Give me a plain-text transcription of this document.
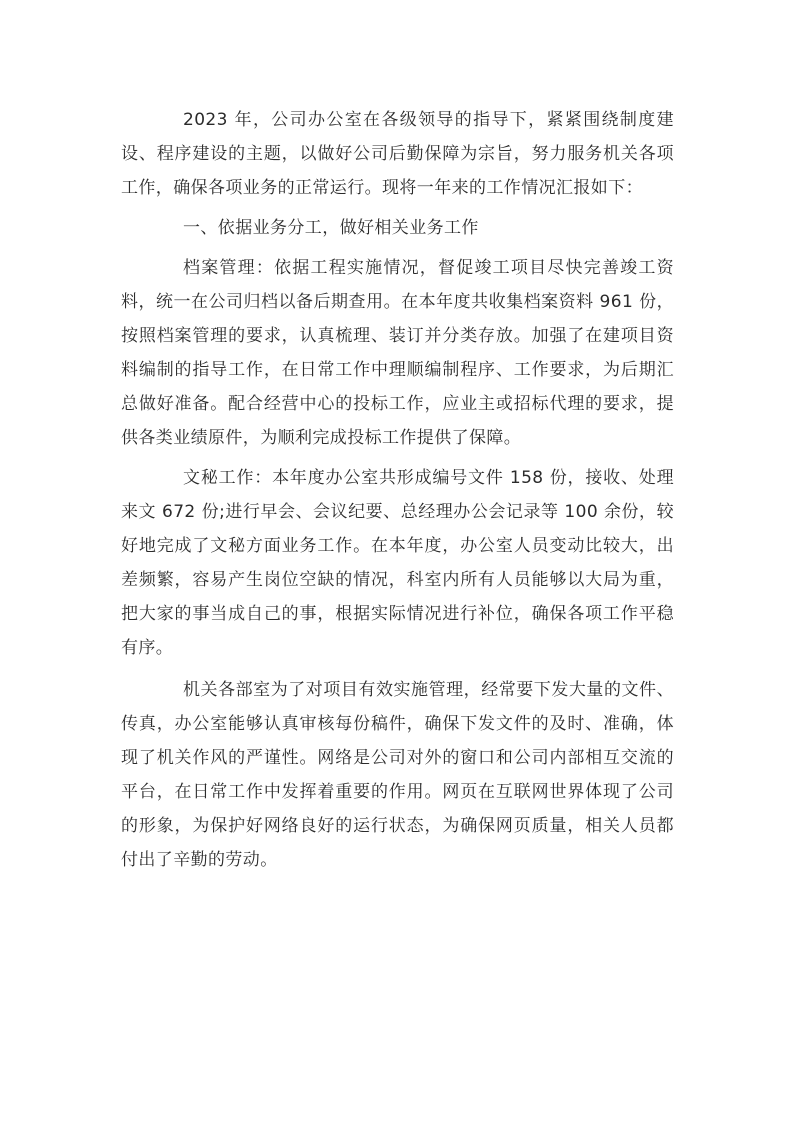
2023 年，公司办公室在各级领导的指导下，紧紧围绕制度建设、程序建设的主题，以做好公司后勤保障为宗旨，努力服务机关各项工作，确保各项业务的正常运行。现将一年来的工作情况汇报如下：

一、依据业务分工，做好相关业务工作

档案管理：依据工程实施情况，督促竣工项目尽快完善竣工资料，统一在公司归档以备后期查用。在本年度共收集档案资料 961 份，按照档案管理的要求，认真梳理、装订并分类存放。加强了在建项目资料编制的指导工作，在日常工作中理顺编制程序、工作要求，为后期汇总做好准备。配合经营中心的投标工作，应业主或招标代理的要求，提供各类业绩原件，为顺利完成投标工作提供了保障。

文秘工作：本年度办公室共形成编号文件 158 份，接收、处理来文 672 份;进行早会、会议纪要、总经理办公会记录等 100 余份，较好地完成了文秘方面业务工作。在本年度，办公室人员变动比较大，出差频繁，容易产生岗位空缺的情况，科室内所有人员能够以大局为重，把大家的事当成自己的事，根据实际情况进行补位，确保各项工作平稳有序。

机关各部室为了对项目有效实施管理，经常要下发大量的文件、传真，办公室能够认真审核每份稿件，确保下发文件的及时、准确，体现了机关作风的严谨性。网络是公司对外的窗口和公司内部相互交流的平台，在日常工作中发挥着重要的作用。网页在互联网世界体现了公司的形象，为保护好网络良好的运行状态，为确保网页质量，相关人员都付出了辛勤的劳动。
